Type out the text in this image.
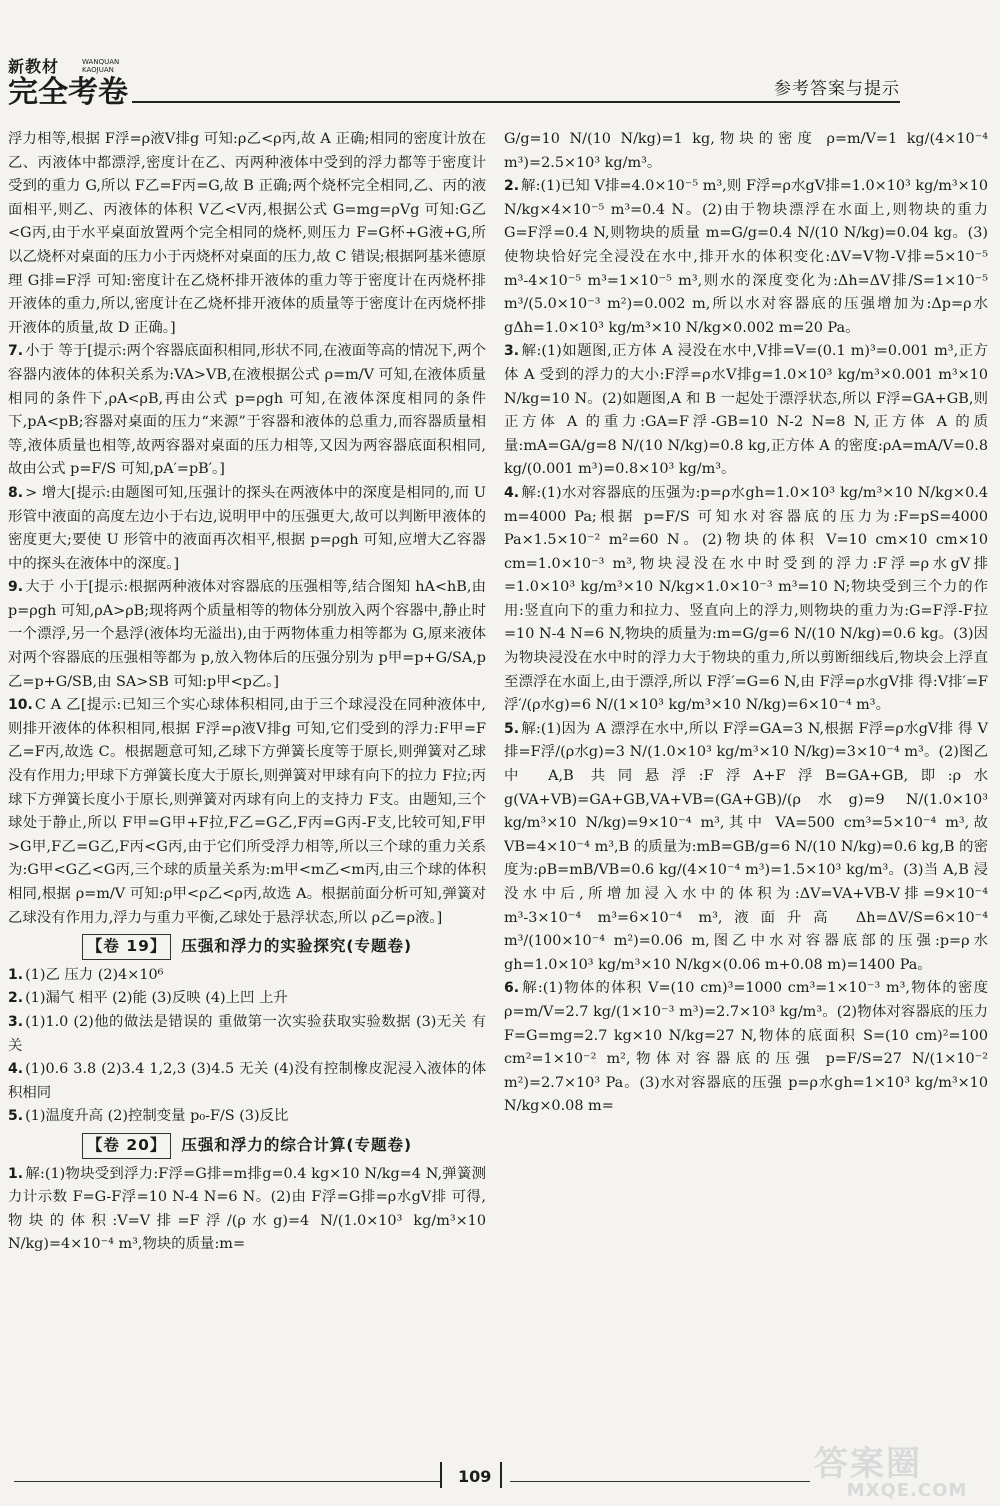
新教材	WANQUAN
KAOJUAN
完全考卷	参考答案与提示
浮力相等,根据 F浮=ρ液V排g 可知:ρ乙<ρ丙,故 A 正确;相同的密度计放在乙、丙液体中都漂浮,密度计在乙、丙两种液体中受到的浮力都等于密度计受到的重力 G,所以 F乙=F丙=G,故 B 正确;两个烧杯完全相同,乙、丙的液面相平,则乙、丙液体的体积 V乙<V丙,根据公式 G=mg=ρVg 可知:G乙<G丙,由于水平桌面放置两个完全相同的烧杯,则压力 F=G杯+G液+G,所以乙烧杯对桌面的压力小于丙烧杯对桌面的压力,故 C 错误;根据阿基米德原理 G排=F浮 可知:密度计在乙烧杯排开液体的重力等于密度计在丙烧杯排开液体的重力,所以,密度计在乙烧杯排开液体的质量等于密度计在丙烧杯排开液体的质量,故 D 正确。]
7. 小于 等于[提示:两个容器底面积相同,形状不同,在液面等高的情况下,两个容器内液体的体积关系为:VA>VB,在液根据公式 ρ=m/V 可知,在液体质量相同的条件下,ρA<ρB,再由公式 p=ρgh 可知,在液体深度相同的条件下,pA<pB;容器对桌面的压力“来源”于容器和液体的总重力,而容器质量相等,液体质量也相等,故两容器对桌面的压力相等,又因为两容器底面积相同,故由公式 p=F/S 可知,pA′=pB′。]
8. > 增大[提示:由题图可知,压强计的探头在两液体中的深度是相同的,而 U 形管中液面的高度左边小于右边,说明甲中的压强更大,故可以判断甲液体的密度更大;要使 U 形管中的液面再次相平,根据 p=ρgh 可知,应增大乙容器中的探头在液体中的深度。]
9. 大于 小于[提示:根据两种液体对容器底的压强相等,结合图知 hA<hB,由 p=ρgh 可知,ρA>ρB;现将两个质量相等的物体分别放入两个容器中,静止时一个漂浮,另一个悬浮(液体均无溢出),由于两物体重力相等都为 G,原来液体对两个容器底的压强相等都为 p,放入物体后的压强分别为 p甲=p+G/SA,p乙=p+G/SB,由 SA>SB 可知:p甲<p乙。]
10. C A 乙[提示:已知三个实心球体积相同,由于三个球浸没在同种液体中,则排开液体的体积相同,根据 F浮=ρ液V排g 可知,它们受到的浮力:F甲=F乙=F丙,故选 C。根据题意可知,乙球下方弹簧长度等于原长,则弹簧对乙球没有作用力;甲球下方弹簧长度大于原长,则弹簧对甲球有向下的拉力 F拉;丙球下方弹簧长度小于原长,则弹簧对丙球有向上的支持力 F支。由题知,三个球处于静止,所以 F甲=G甲+F拉,F乙=G乙,F丙=G丙-F支,比较可知,F甲>G甲,F乙=G乙,F丙<G丙,由于它们所受浮力相等,所以三个球的重力关系为:G甲<G乙<G丙,三个球的质量关系为:m甲<m乙<m丙,由三个球的体积相同,根据 ρ=m/V 可知:ρ甲<ρ乙<ρ丙,故选 A。根据前面分析可知,弹簧对乙球没有作用力,浮力与重力平衡,乙球处于悬浮状态,所以 ρ乙=ρ液。]
【卷 19】 压强和浮力的实验探究(专题卷)
1. (1)乙 压力 (2)4×10⁶
2. (1)漏气 相平 (2)能 (3)反映 (4)上凹 上升
3. (1)1.0 (2)他的做法是错误的 重做第一次实验获取实验数据 (3)无关 有关
4. (1)0.6 3.8 (2)3.4 1,2,3 (3)4.5 无关 (4)没有控制橡皮泥浸入液体的体积相同
5. (1)温度升高 (2)控制变量 p₀-F/S (3)反比
【卷 20】 压强和浮力的综合计算(专题卷)
1. 解:(1)物块受到浮力:F浮=G排=m排g=0.4 kg×10 N/kg=4 N,弹簧测力计示数 F=G-F浮=10 N-4 N=6 N。(2)由 F浮=G排=ρ水gV排 可得,物块的体积:V=V排=F浮/(ρ水g)=4 N/(1.0×10³ kg/m³×10 N/kg)=4×10⁻⁴ m³,物块的质量:m=
G/g=10 N/(10 N/kg)=1 kg,物块的密度 ρ=m/V=1 kg/(4×10⁻⁴ m³)=2.5×10³ kg/m³。
2. 解:(1)已知 V排=4.0×10⁻⁵ m³,则 F浮=ρ水gV排=1.0×10³ kg/m³×10 N/kg×4×10⁻⁵ m³=0.4 N。(2)由于物块漂浮在水面上,则物块的重力 G=F浮=0.4 N,则物块的质量 m=G/g=0.4 N/(10 N/kg)=0.04 kg。(3)使物块恰好完全浸没在水中,排开水的体积变化:ΔV=V物-V排=5×10⁻⁵ m³-4×10⁻⁵ m³=1×10⁻⁵ m³,则水的深度变化为:Δh=ΔV排/S=1×10⁻⁵ m³/(5.0×10⁻³ m²)=0.002 m,所以水对容器底的压强增加为:Δp=ρ水gΔh=1.0×10³ kg/m³×10 N/kg×0.002 m=20 Pa。
3. 解:(1)如题图,正方体 A 浸没在水中,V排=V=(0.1 m)³=0.001 m³,正方体 A 受到的浮力的大小:F浮=ρ水V排g=1.0×10³ kg/m³×0.001 m³×10 N/kg=10 N。(2)如题图,A 和 B 一起处于漂浮状态,所以 F浮=GA+GB,则正方体 A 的重力:GA=F浮-GB=10 N-2 N=8 N,正方体 A 的质量:mA=GA/g=8 N/(10 N/kg)=0.8 kg,正方体 A 的密度:ρA=mA/V=0.8 kg/(0.001 m³)=0.8×10³ kg/m³。
4. 解:(1)水对容器底的压强为:p=ρ水gh=1.0×10³ kg/m³×10 N/kg×0.4 m=4000 Pa;根据 p=F/S 可知水对容器底的压力为:F=pS=4000 Pa×1.5×10⁻² m²=60 N。(2)物块的体积 V=10 cm×10 cm×10 cm=1.0×10⁻³ m³,物块浸没在水中时受到的浮力:F浮=ρ水gV排=1.0×10³ kg/m³×10 N/kg×1.0×10⁻³ m³=10 N;物块受到三个力的作用:竖直向下的重力和拉力、竖直向上的浮力,则物块的重力为:G=F浮-F拉=10 N-4 N=6 N,物块的质量为:m=G/g=6 N/(10 N/kg)=0.6 kg。(3)因为物块浸没在水中时的浮力大于物块的重力,所以剪断细线后,物块会上浮直至漂浮在水面上,由于漂浮,所以 F浮′=G=6 N,由 F浮=ρ水gV排 得:V排′=F浮′/(ρ水g)=6 N/(1×10³ kg/m³×10 N/kg)=6×10⁻⁴ m³。
5. 解:(1)因为 A 漂浮在水中,所以 F浮=GA=3 N,根据 F浮=ρ水gV排 得 V排=F浮/(ρ水g)=3 N/(1.0×10³ kg/m³×10 N/kg)=3×10⁻⁴ m³。(2)图乙中 A,B 共同悬浮:F浮A+F浮B=GA+GB,即:ρ水g(VA+VB)=GA+GB,VA+VB=(GA+GB)/(ρ水g)=9 N/(1.0×10³ kg/m³×10 N/kg)=9×10⁻⁴ m³,其中 VA=500 cm³=5×10⁻⁴ m³,故 VB=4×10⁻⁴ m³,B 的质量为:mB=GB/g=6 N/(10 N/kg)=0.6 kg,B 的密度为:ρB=mB/VB=0.6 kg/(4×10⁻⁴ m³)=1.5×10³ kg/m³。(3)当 A,B 浸没水中后,所增加浸入水中的体积为:ΔV=VA+VB-V排=9×10⁻⁴ m³-3×10⁻⁴ m³=6×10⁻⁴ m³,液面升高 Δh=ΔV/S=6×10⁻⁴ m³/(100×10⁻⁴ m²)=0.06 m,图乙中水对容器底部的压强:p=ρ水gh=1.0×10³ kg/m³×10 N/kg×(0.06 m+0.08 m)=1400 Pa。
6. 解:(1)物体的体积 V=(10 cm)³=1000 cm³=1×10⁻³ m³,物体的密度 ρ=m/V=2.7 kg/(1×10⁻³ m³)=2.7×10³ kg/m³。(2)物体对容器底的压力 F=G=mg=2.7 kg×10 N/kg=27 N,物体的底面积 S=(10 cm)²=100 cm²=1×10⁻² m²,物体对容器底的压强 p=F/S=27 N/(1×10⁻² m²)=2.7×10³ Pa。(3)水对容器底的压强 p=ρ水gh=1×10³ kg/m³×10 N/kg×0.08 m=
109	答案圈
MXQE.COM
